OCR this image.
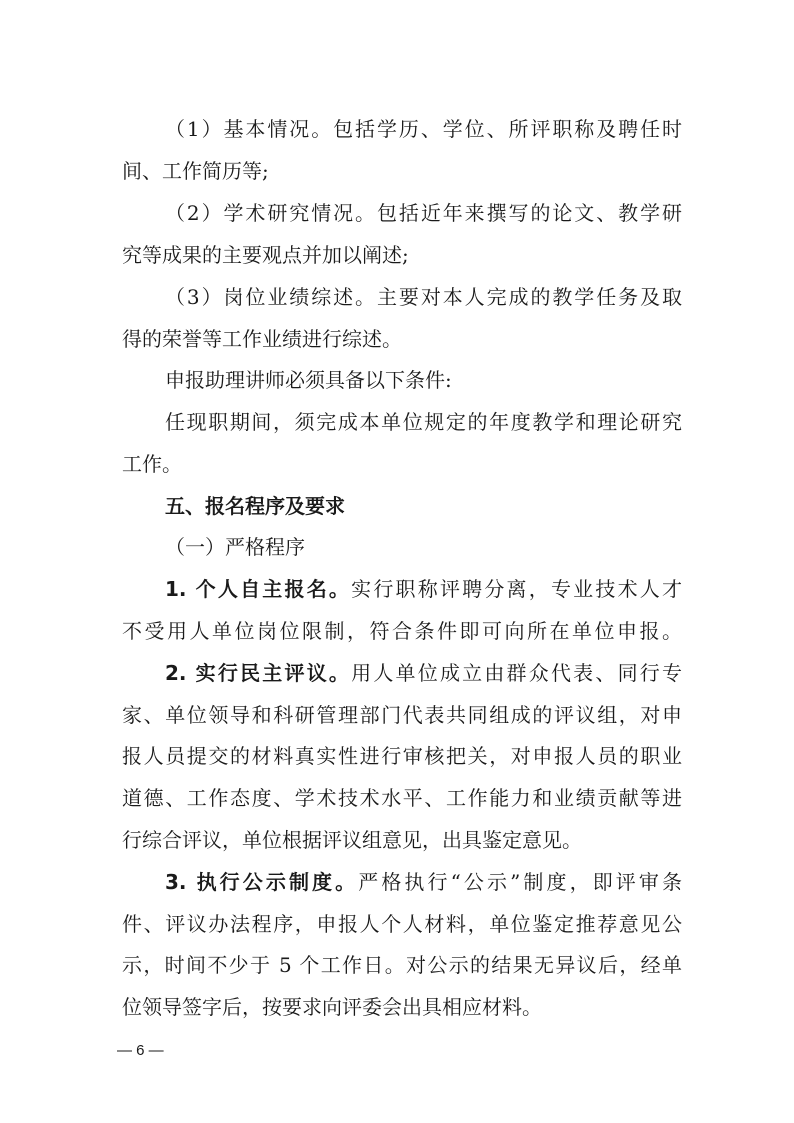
（1）基本情况。包括学历、学位、所评职称及聘任时
间、工作简历等;
（2）学术研究情况。包括近年来撰写的论文、教学研
究等成果的主要观点并加以阐述;
（3）岗位业绩综述。主要对本人完成的教学任务及取
得的荣誉等工作业绩进行综述。
申报助理讲师必须具备以下条件:
任现职期间，须完成本单位规定的年度教学和理论研究
工作。
五、报名程序及要求
（一）严格程序
1. 个人自主报名。实行职称评聘分离，专业技术人才
不受用人单位岗位限制，符合条件即可向所在单位申报。
2. 实行民主评议。用人单位成立由群众代表、同行专
家、单位领导和科研管理部门代表共同组成的评议组，对申
报人员提交的材料真实性进行审核把关，对申报人员的职业
道德、工作态度、学术技术水平、工作能力和业绩贡献等进
行综合评议，单位根据评议组意见，出具鉴定意见。
3. 执行公示制度。严格执行“公示”制度，即评审条
件、评议办法程序，申报人个人材料，单位鉴定推荐意见公
示，时间不少于 5 个工作日。对公示的结果无异议后，经单
位领导签字后，按要求向评委会出具相应材料。
— 6 —
